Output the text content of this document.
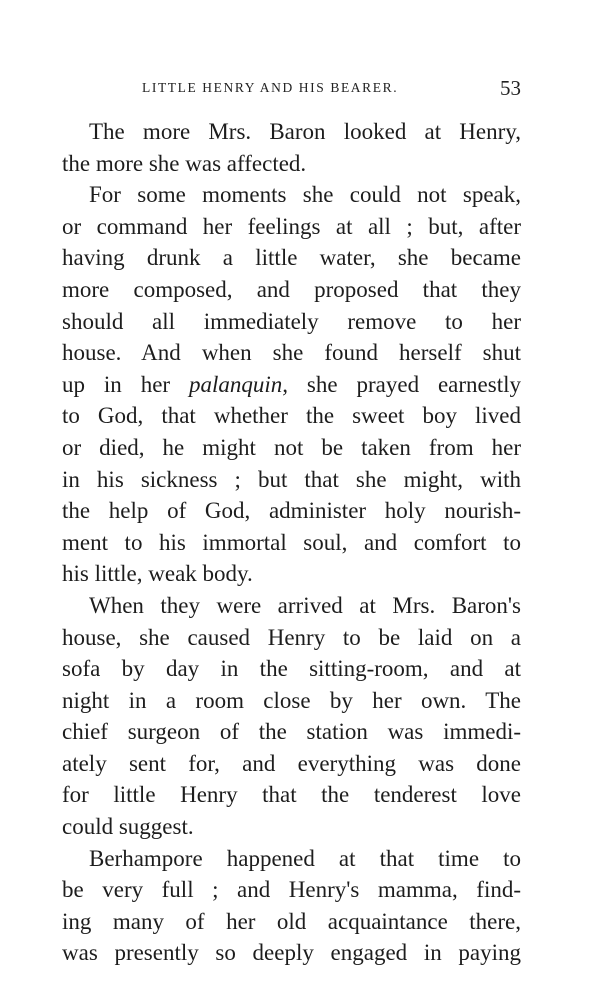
LITTLE HENRY AND HIS BEARER.	53
The more Mrs. Baron looked at Henry,
the more she was affected.
For some moments she could not speak,
or command her feelings at all ; but, after
having drunk a little water, she became
more composed, and proposed that they
should all immediately remove to her
house. And when she found herself shut
up in her palanquin, she prayed earnestly
to God, that whether the sweet boy lived
or died, he might not be taken from her
in his sickness ; but that she might, with
the help of God, administer holy nourish-
ment to his immortal soul, and comfort to
his little, weak body.
When they were arrived at Mrs. Baron's
house, she caused Henry to be laid on a
sofa by day in the sitting-room, and at
night in a room close by her own. The
chief surgeon of the station was immedi-
ately sent for, and everything was done
for little Henry that the tenderest love
could suggest.
Berhampore happened at that time to
be very full ; and Henry's mamma, find-
ing many of her old acquaintance there,
was presently so deeply engaged in paying
